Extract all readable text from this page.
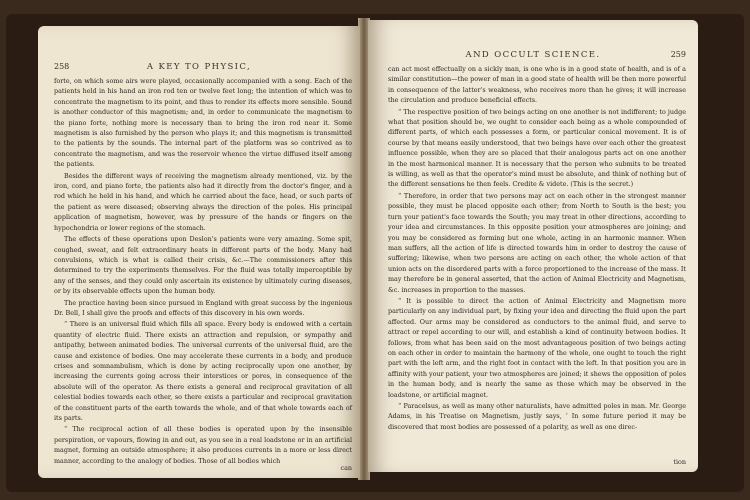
258	A KEY TO PHYSIC,

forte, on which some airs were played, occasionally accompanied with a song. Each of the patients held in his hand an iron rod ten or twelve feet long; the intention of which was to concentrate the magnetism to its point, and thus to render its effects more sensible. Sound is another conductor of this magnetism; and, in order to communicate the magnetism to the piano forte, nothing more is necessary than to bring the iron rod near it. Some magnetism is also furnished by the person who plays it; and this magnetism is transmitted to the patients by the sounds. The internal part of the platform was so contrived as to concentrate the magnetism, and was the reservoir whence the virtue diffused itself among the patients.

Besides the different ways of receiving the magnetism already mentioned, viz. by the iron, cord, and piano forte, the patients also had it directly from the doctor's finger, and a rod which he held in his hand, and which he carried about the face, head, or such parts of the patient as were diseased; observing always the direction of the poles. His principal application of magnetism, however, was by pressure of the hands or fingers on the hypochondria or lower regions of the stomach.

The effects of these operations upon Deslon's patients were very amazing. Some spit, coughed, sweat, and felt extraordinary heats in different parts of the body. Many had convulsions, which is what is called their crisis, &c.—The commissioners after this determined to try the experiments themselves. For the fluid was totally imperceptible by any of the senses, and they could only ascertain its existence by ultimately curing diseases, or by its observable effects upon the human body.

The practice having been since pursued in England with great success by the ingenious Dr. Bell, I shall give the proofs and effects of this discovery in his own words.

“ There is an universal fluid which fills all space. Every body is endowed with a certain quantity of electric fluid. There exists an attraction and repulsion, or sympathy and antipathy, between animated bodies. The universal currents of the universal fluid, are the cause and existence of bodies. One may accelerate these currents in a body, and produce crises and somnambulism, which is done by acting reciprocally upon one another, by increasing the currents going across their interstices or pores, in consequence of the absolute will of the operator. As there exists a general and reciprocal gravitation of all celestial bodies towards each other, so there exists a particular and reciprocal gravitation of the constituent parts of the earth towards the whole, and of that whole towards each of its parts.

“ The reciprocal action of all these bodies is operated upon by the insensible perspiration, or vapours, flowing in and out, as you see in a real loadstone or in an artificial magnet, forming an outside atmosphere; it also produces currents in a more or less direct manner, according to the analogy of bodies. Those of all bodies which

can
AND OCCULT SCIENCE.	259

can act most effectually on a sickly man, is one who is in a good state of health, and is of a similar constitution—the power of man in a good state of health will be then more powerful in consequence of the latter's weakness, who receives more than he gives; it will increase the circulation and produce beneficial effects.

“ The respective position of two beings acting on one another is not indifferent; to judge what that position should be, we ought to consider each being as a whole compounded of different parts, of which each possesses a form, or particular conical movement. It is of course by that means easily understood, that two beings have over each other the greatest influence possible, when they are so placed that their analogous parts act on one another in the most harmonical manner. It is necessary that the person who submits to be treated is willing, as well as that the operator's mind must be absolute, and think of nothing but of the different sensations he then feels. Credite & videte. (This is the secret.)

“ Therefore, in order that two persons may act on each other in the strongest manner possible, they must be placed opposite each other; from North to South is the best; you turn your patient's face towards the South; you may treat in other directions, according to your idea and circumstances. In this opposite position your atmospheres are joining; and you may be considered as forming but one whole, acting in an harmonic manner. When man suffers, all the action of life is directed towards him in order to destroy the cause of suffering; likewise, when two persons are acting on each other, the whole action of that union acts on the disordered parts with a force proportioned to the increase of the mass. It may therefore be in general asserted, that the action of Animal Electricity and Magnetism, &c. increases in proportion to the masses.

“ It is possible to direct the action of Animal Electricity and Magnetism more particularly on any individual part, by fixing your idea and directing the fluid upon the part affected. Our arms may be considered as conductors to the animal fluid, and serve to attract or repel according to our will, and establish a kind of continuity between bodies. It follows, from what has been said on the most advantageous position of two beings acting on each other in order to maintain the harmony of the whole, one ought to touch the right part with the left arm, and the right foot in contact with the left. In that position you are in affinity with your patient, your two atmospheres are joined; it shews the opposition of poles in the human body, and is nearly the same as those which may be observed in the loadstone, or artificial magnet.

“ Paracelsus, as well as many other naturalists, have admitted poles in man. Mr. George Adams, in his Treatise on Magnetism, justly says, ‘ In some future period it may be discovered that most bodies are possessed of a polarity, as well as one direc-

tion
